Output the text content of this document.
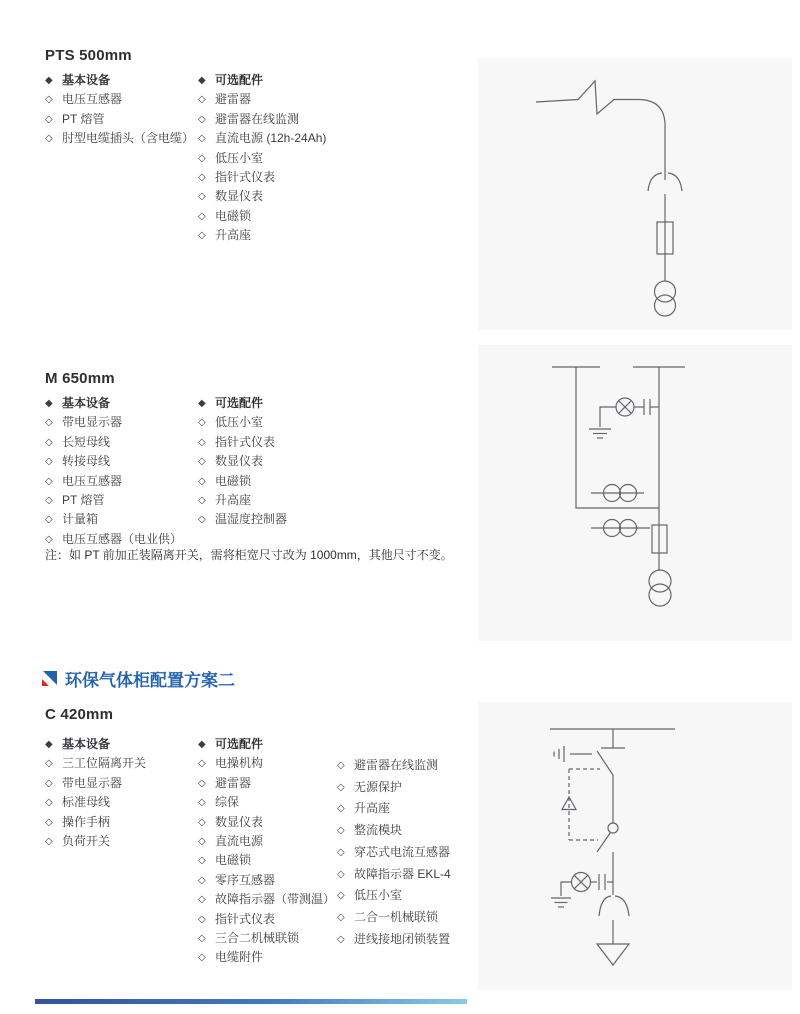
PTS 500mm
◆ 基本设备
◇ 电压互感器
◇ PT 熔管
◇ 肘型电缆插头（含电缆）
◆ 可选配件
◇ 避雷器
◇ 避雷器在线监测
◇ 直流电源 (12h-24Ah)
◇ 低压小室
◇ 指针式仪表
◇ 数显仪表
◇ 电磁锁
◇ 升高座
M 650mm
◆ 基本设备
◇ 带电显示器
◇ 长短母线
◇ 转接母线
◇ 电压互感器
◇ PT 熔管
◇ 计量箱
◇ 电压互感器（电业供）
◆ 可选配件
◇ 低压小室
◇ 指针式仪表
◇ 数显仪表
◇ 电磁锁
◇ 升高座
◇ 温湿度控制器
注：如 PT 前加正装隔离开关，需将柜宽尺寸改为 1000mm，其他尺寸不变。
环保气体柜配置方案二
C 420mm
◆ 基本设备
◇ 三工位隔离开关
◇ 带电显示器
◇ 标准母线
◇ 操作手柄
◇ 负荷开关
◆ 可选配件
◇ 电操机构
◇ 避雷器
◇ 综保
◇ 数显仪表
◇ 直流电源
◇ 电磁锁
◇ 零序互感器
◇ 故障指示器（带测温）
◇ 指针式仪表
◇ 三合二机械联锁
◇ 电缆附件
◇ 避雷器在线监测
◇ 无源保护
◇ 升高座
◇ 整流模块
◇ 穿芯式电流互感器
◇ 故障指示器 EKL-4
◇ 低压小室
◇ 二合一机械联锁
◇ 进线接地闭锁装置
